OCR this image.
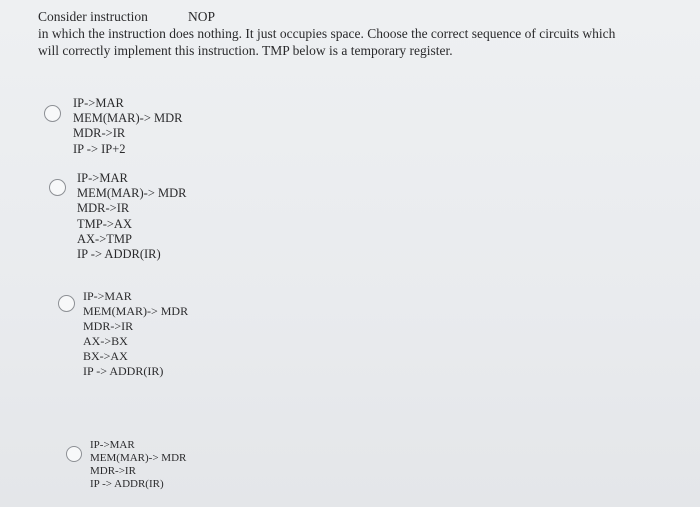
Consider instruction	NOP
in which the instruction does nothing. It just occupies space. Choose the correct sequence of circuits which
will correctly implement this instruction. TMP below is a temporary register.
IP->MAR
MEM(MAR)-> MDR
MDR->IR
IP -> IP+2
IP->MAR
MEM(MAR)-> MDR
MDR->IR
TMP->AX
AX->TMP
IP -> ADDR(IR)
IP->MAR
MEM(MAR)-> MDR
MDR->IR
AX->BX
BX->AX
IP -> ADDR(IR)
IP->MAR
MEM(MAR)-> MDR
MDR->IR
IP -> ADDR(IR)
